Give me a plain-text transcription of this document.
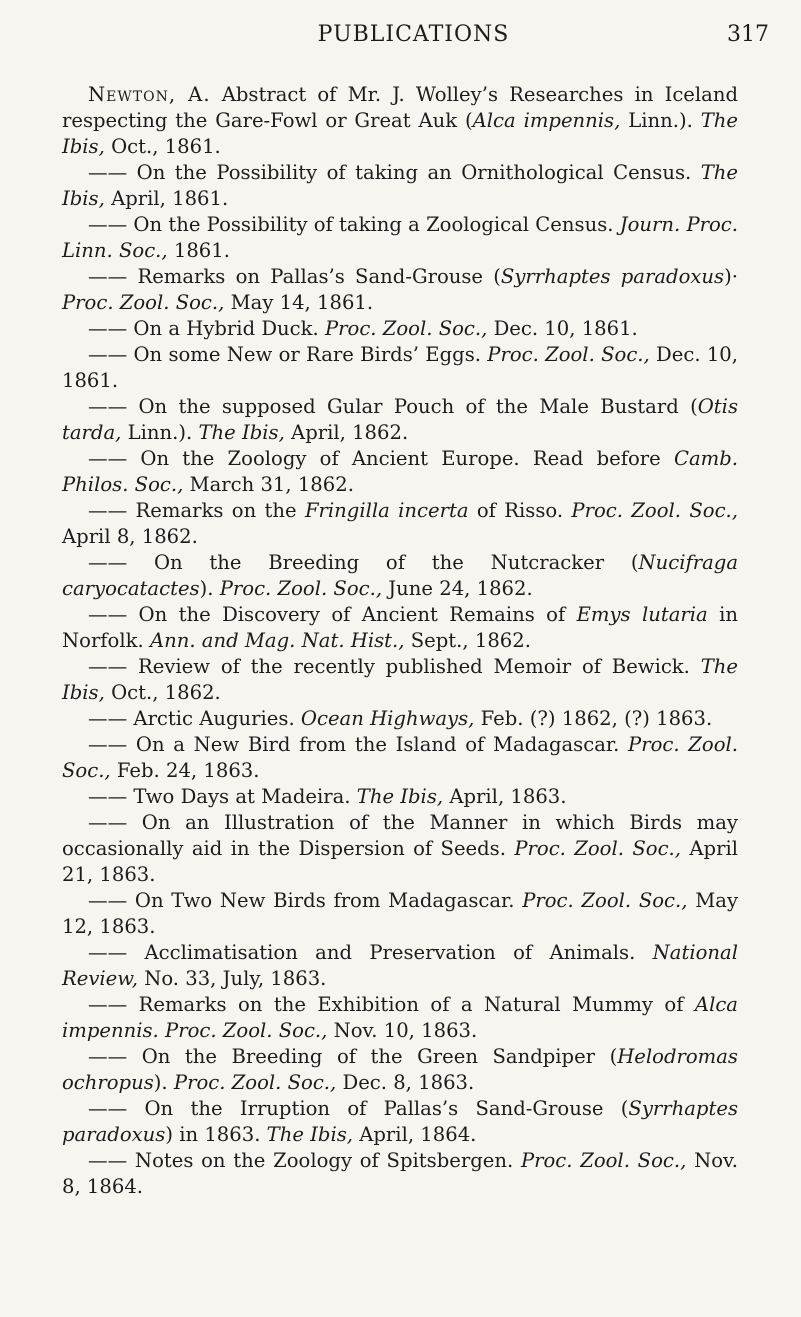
PUBLICATIONS	317
Newton, A. Abstract of Mr. J. Wolley’s Researches in Iceland respecting the Gare-Fowl or Great Auk (Alca impennis, Linn.). The Ibis, Oct., 1861.
—— On the Possibility of taking an Ornithological Census. The Ibis, April, 1861.
—— On the Possibility of taking a Zoological Census. Journ. Proc. Linn. Soc., 1861.
—— Remarks on Pallas’s Sand-Grouse (Syrrhaptes paradoxus)· Proc. Zool. Soc., May 14, 1861.
—— On a Hybrid Duck. Proc. Zool. Soc., Dec. 10, 1861.
—— On some New or Rare Birds’ Eggs. Proc. Zool. Soc., Dec. 10, 1861.
—— On the supposed Gular Pouch of the Male Bustard (Otis tarda, Linn.). The Ibis, April, 1862.
—— On the Zoology of Ancient Europe. Read before Camb. Philos. Soc., March 31, 1862.
—— Remarks on the Fringilla incerta of Risso. Proc. Zool. Soc., April 8, 1862.
—— On the Breeding of the Nutcracker (Nucifraga caryocatactes). Proc. Zool. Soc., June 24, 1862.
—— On the Discovery of Ancient Remains of Emys lutaria in Norfolk. Ann. and Mag. Nat. Hist., Sept., 1862.
—— Review of the recently published Memoir of Bewick. The Ibis, Oct., 1862.
—— Arctic Auguries. Ocean Highways, Feb. (?) 1862, (?) 1863.
—— On a New Bird from the Island of Madagascar. Proc. Zool. Soc., Feb. 24, 1863.
—— Two Days at Madeira. The Ibis, April, 1863.
—— On an Illustration of the Manner in which Birds may occasionally aid in the Dispersion of Seeds. Proc. Zool. Soc., April 21, 1863.
—— On Two New Birds from Madagascar. Proc. Zool. Soc., May 12, 1863.
—— Acclimatisation and Preservation of Animals. National Review, No. 33, July, 1863.
—— Remarks on the Exhibition of a Natural Mummy of Alca impennis. Proc. Zool. Soc., Nov. 10, 1863.
—— On the Breeding of the Green Sandpiper (Helodromas ochropus). Proc. Zool. Soc., Dec. 8, 1863.
—— On the Irruption of Pallas’s Sand-Grouse (Syrrhaptes paradoxus) in 1863. The Ibis, April, 1864.
—— Notes on the Zoology of Spitsbergen. Proc. Zool. Soc., Nov. 8, 1864.
